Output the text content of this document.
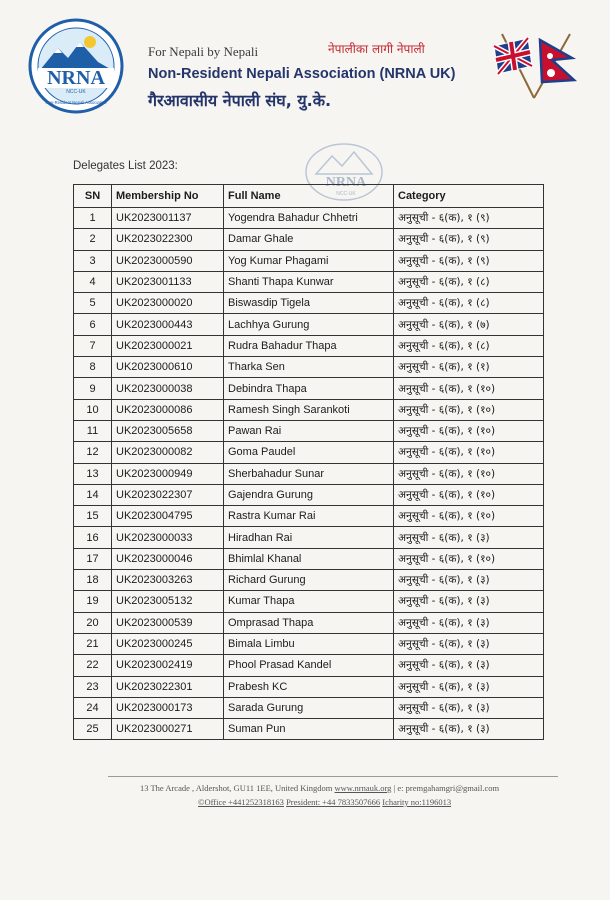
NRNA
NCC-UK
Non-Resident Nepali Association
For Nepali by Nepali	नेपालीका लागी नेपाली
Non-Resident Nepali Association (NRNA UK)
गैरआवासीय नेपाली संघ, यु.के.
Delegates List 2023:
NRNA
NCC-UK
SN	Membership No	Full Name	Category
1	UK2023001137	Yogendra Bahadur Chhetri	अनुसूची - ६(क), १ (९)
2	UK2023022300	Damar Ghale	अनुसूची - ६(क), १ (९)
3	UK2023000590	Yog Kumar Phagami	अनुसूची - ६(क), १ (९)
4	UK2023001133	Shanti Thapa Kunwar	अनुसूची - ६(क), १ (८)
5	UK2023000020	Biswasdip Tigela	अनुसूची - ६(क), १ (८)
6	UK2023000443	Lachhya Gurung	अनुसूची - ६(क), १ (७)
7	UK2023000021	Rudra Bahadur Thapa	अनुसूची - ६(क), १ (८)
8	UK2023000610	Tharka Sen	अनुसूची - ६(क), १ (१)
9	UK2023000038	Debindra Thapa	अनुसूची - ६(क), १ (१०)
10	UK2023000086	Ramesh Singh Sarankoti	अनुसूची - ६(क), १ (१०)
11	UK2023005658	Pawan Rai	अनुसूची - ६(क), १ (१०)
12	UK2023000082	Goma Paudel	अनुसूची - ६(क), १ (१०)
13	UK2023000949	Sherbahadur Sunar	अनुसूची - ६(क), १ (१०)
14	UK2023022307	Gajendra Gurung	अनुसूची - ६(क), १ (१०)
15	UK2023004795	Rastra Kumar Rai	अनुसूची - ६(क), १ (१०)
16	UK2023000033	Hiradhan Rai	अनुसूची - ६(क), १ (३)
17	UK2023000046	Bhimlal Khanal	अनुसूची - ६(क), १ (१०)
18	UK2023003263	Richard Gurung	अनुसूची - ६(क), १ (३)
19	UK2023005132	Kumar Thapa	अनुसूची - ६(क), १ (३)
20	UK2023000539	Omprasad Thapa	अनुसूची - ६(क), १ (३)
21	UK2023000245	Bimala Limbu	अनुसूची - ६(क), १ (३)
22	UK2023002419	Phool Prasad Kandel	अनुसूची - ६(क), १ (३)
23	UK2023022301	Prabesh KC	अनुसूची - ६(क), १ (३)
24	UK2023000173	Sarada Gurung	अनुसूची - ६(क), १ (३)
25	UK2023000271	Suman Pun	अनुसूची - ६(क), १ (३)
13 The Arcade , Aldershot, GU11 1EE, United Kingdom www.nrnauk.org | e: premgahamgri@gmail.com
©Office +441252318163 President: +44 7833507666 Icharity no:1196013
